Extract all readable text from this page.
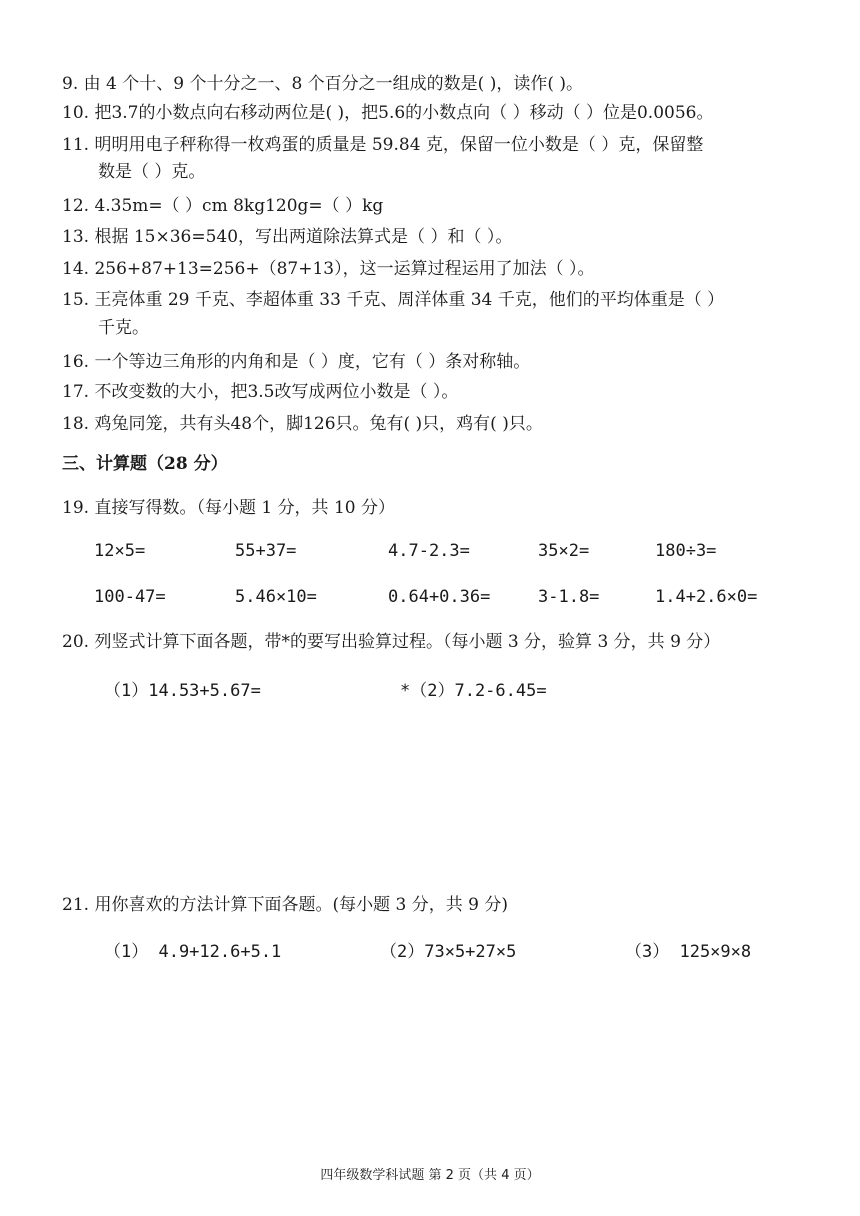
9. 由 4 个十、9 个十分之一、8 个百分之一组成的数是( )，读作( )。
10. 把3.7的小数点向右移动两位是( )，把5.6的小数点向（ ）移动（ ）位是0.0056。
11. 明明用电子秤称得一枚鸡蛋的质量是 59.84 克，保留一位小数是（ ）克，保留整
数是（ ）克。
12. 4.35m=（ ）cm 8kg120g=（ ）kg
13. 根据 15×36=540，写出两道除法算式是（ ）和（ ）。
14. 256+87+13=256+（87+13），这一运算过程运用了加法（ ）。
15. 王亮体重 29 千克、李超体重 33 千克、周洋体重 34 千克，他们的平均体重是（ ）
千克。
16. 一个等边三角形的内角和是（ ）度，它有（ ）条对称轴。
17. 不改变数的大小，把3.5改写成两位小数是（ ）。
18. 鸡兔同笼，共有头48个，脚126只。兔有( )只，鸡有( )只。
三、计算题（28 分）
19. 直接写得数。（每小题 1 分，共 10 分）
12×5=	55+37=	4.7-2.3=	35×2=	180÷3=
100-47=	5.46×10=	0.64+0.36=	3-1.8=	1.4+2.6×0=
20. 列竖式计算下面各题，带*的要写出验算过程。（每小题 3 分，验算 3 分，共 9 分）
（1）14.53+5.67=	*（2）7.2-6.45=
21. 用你喜欢的方法计算下面各题。(每小题 3 分，共 9 分)
（1） 4.9+12.6+5.1	（2）73×5+27×5	（3） 125×9×8
四年级数学科试题 第 2 页（共 4 页）
